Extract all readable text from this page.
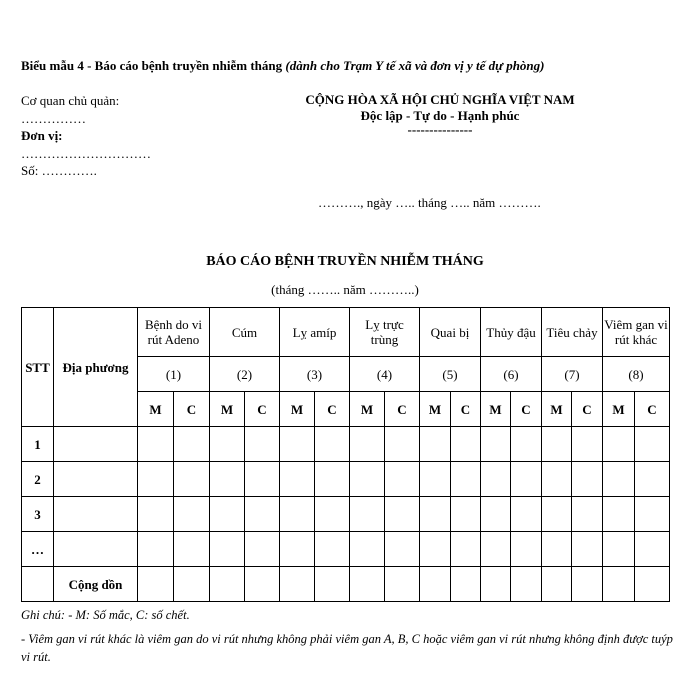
Biểu mẫu 4 - Báo cáo bệnh truyền nhiễm tháng (dành cho Trạm Y tế xã và đơn vị y tế dự phòng)
Cơ quan chủ quản:
……………
Đơn vị:
…………………………
Số: ………….
CỘNG HÒA XÃ HỘI CHỦ NGHĨA VIỆT NAM
Độc lập - Tự do - Hạnh phúc
---------------
………., ngày ….. tháng ….. năm ……….
BÁO CÁO BỆNH TRUYỀN NHIỄM THÁNG
(tháng …….. năm ………..)
STT	Địa phương	Bệnh do vi rút Adeno		Cúm		Lỵ amíp		Lỵ trực trùng		Quai bị		Thủy đậu		Tiêu chảy		Viêm gan vi rút khác	
		(1)		(2)		(3)		(4)		(5)		(6)		(7)		(8)	
		M	C	M	C	M	C	M	C	M	C	M	C	M	C	M	C
1																	
2																	
3																	
…																	
	Cộng dồn																
Ghi chú: - M: Số mắc, C: số chết.
- Viêm gan vi rút khác là viêm gan do vi rút nhưng không phải viêm gan A, B, C hoặc viêm gan vi rút nhưng không định được tuýp vi rút.
